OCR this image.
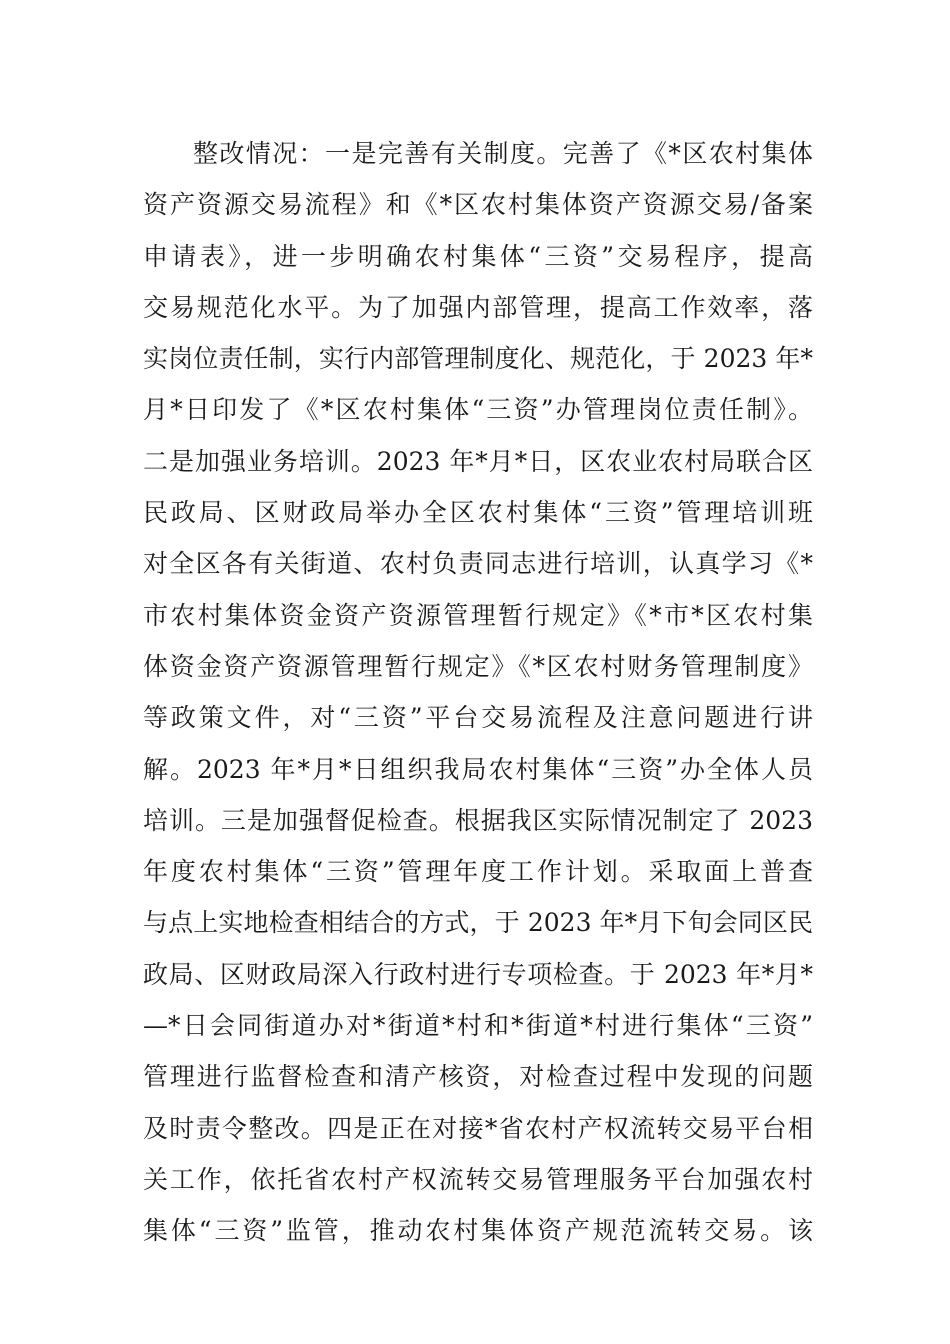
整改情况：一是完善有关制度。完善了《*区农村集体
资产资源交易流程》和《*区农村集体资产资源交易/备案
申请表》，进一步明确农村集体“三资”交易程序，提高
交易规范化水平。为了加强内部管理，提高工作效率，落
实岗位责任制，实行内部管理制度化、规范化，于 2023 年*
月*日印发了《*区农村集体“三资”办管理岗位责任制》。
二是加强业务培训。2023 年*月*日，区农业农村局联合区
民政局、区财政局举办全区农村集体“三资”管理培训班
对全区各有关街道、农村负责同志进行培训，认真学习《*
市农村集体资金资产资源管理暂行规定》《*市*区农村集
体资金资产资源管理暂行规定》《*区农村财务管理制度》
等政策文件，对“三资”平台交易流程及注意问题进行讲
解。2023 年*月*日组织我局农村集体“三资”办全体人员
培训。三是加强督促检查。根据我区实际情况制定了 2023
年度农村集体“三资”管理年度工作计划。采取面上普查
与点上实地检查相结合的方式，于 2023 年*月下旬会同区民
政局、区财政局深入行政村进行专项检查。于 2023 年*月*
—*日会同街道办对*街道*村和*街道*村进行集体“三资”
管理进行监督检查和清产核资，对检查过程中发现的问题
及时责令整改。四是正在对接*省农村产权流转交易平台相
关工作，依托省农村产权流转交易管理服务平台加强农村
集体“三资”监管，推动农村集体资产规范流转交易。该
